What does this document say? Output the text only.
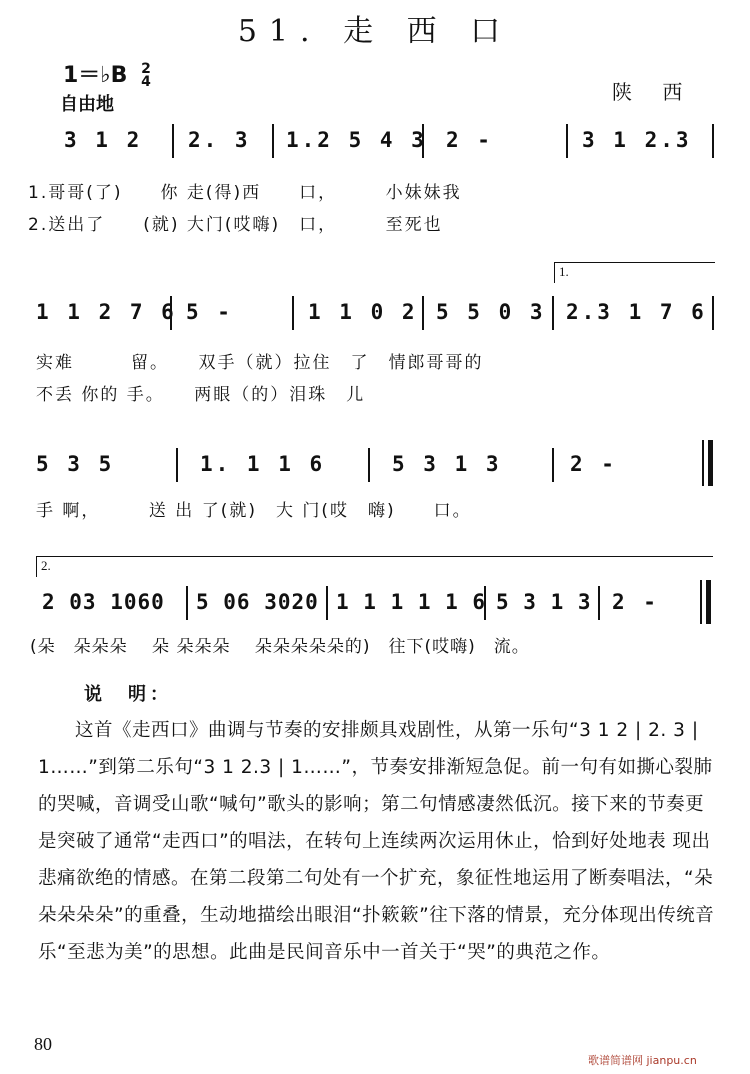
51. 走 西 口
1＝♭B 2
4
自由地
陕 西
3 1 2 2. 3 1.2 5 4 3 2 -	3 1 2.3
1.哥哥(了)　　你 走(得)西　　口，　　　小妹妹我
2.送出了　　(就) 大门(哎嗨)　口，　　　至死也
1.
1 1 2 7 6 5 -	1 1 0 2 5 5 0 3 2.3 1 7 6
实难　　　留。　　双手（就）拉住　了　情郎哥哥的
不丢 你的 手。　　两眼（的）泪珠　儿
5 3 5	1. 1 1 6	5 3 1 3	2 -
手 啊，　　　送 出 了(就)　大 门(哎　嗨)　　口。
2.
2 03 1060 5 06 3020 1 1 1 1 1 6 5 3 1 3 2 -
(朵　朵朵朵　 朵 朵朵朵　 朵朵朵朵朵的)　往下(哎嗨)　流。
说　明：

这首《走西口》曲调与节奏的安排颇具戏剧性，从第一乐句“3 1 2 | 2. 3 | 1……”到第二乐句“3 1 2.3 | 1……”，节奏安排渐短急促。前一句有如撕心裂肺的哭喊，音调受山歌“喊句”歌头的影响；第二句情感凄然低沉。接下来的节奏更是突破了通常“走西口”的唱法，在转句上连续两次运用休止，恰到好处地表 现出悲痛欲绝的情感。在第二段第二句处有一个扩充，象征性地运用了断奏唱法，“朵朵朵朵朵”的重叠，生动地描绘出眼泪“扑簌簌”往下落的情景，充分体现出传统音乐“至悲为美”的思想。此曲是民间音乐中一首关于“哭”的典范之作。

80
歌谱简谱网 jianpu.cn
